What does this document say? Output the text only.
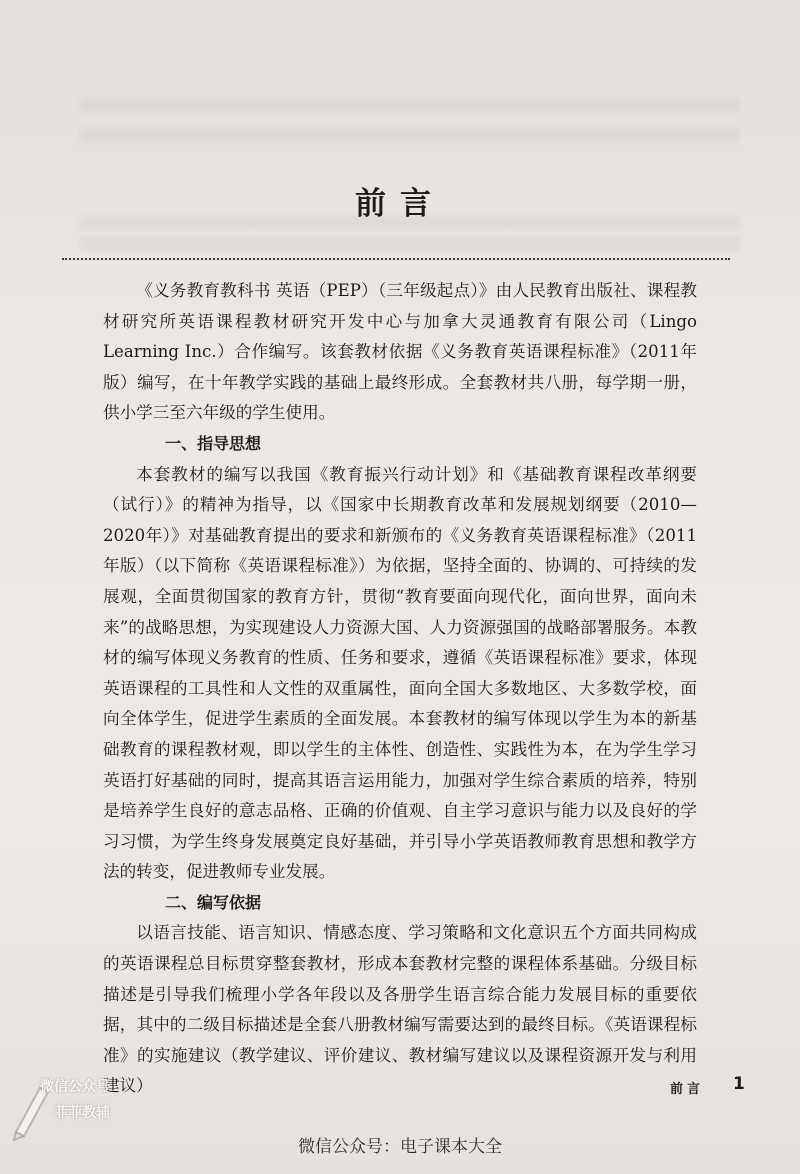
前言

《义务教育教科书 英语（PEP）（三年级起点）》由人民教育出版社、课程教材研究所英语课程教材研究开发中心与加拿大灵通教育有限公司（Lingo Learning Inc.）合作编写。该套教材依据《义务教育英语课程标准》（2011年版）编写，在十年教学实践的基础上最终形成。全套教材共八册，每学期一册，供小学三至六年级的学生使用。

一、指导思想

本套教材的编写以我国《教育振兴行动计划》和《基础教育课程改革纲要（试行）》的精神为指导，以《国家中长期教育改革和发展规划纲要（2010—2020年）》对基础教育提出的要求和新颁布的《义务教育英语课程标准》（2011年版）（以下简称《英语课程标准》）为依据，坚持全面的、协调的、可持续的发展观，全面贯彻国家的教育方针，贯彻“教育要面向现代化，面向世界，面向未来”的战略思想，为实现建设人力资源大国、人力资源强国的战略部署服务。本教材的编写体现义务教育的性质、任务和要求，遵循《英语课程标准》要求，体现英语课程的工具性和人文性的双重属性，面向全国大多数地区、大多数学校，面向全体学生，促进学生素质的全面发展。本套教材的编写体现以学生为本的新基础教育的课程教材观，即以学生的主体性、创造性、实践性为本，在为学生学习英语打好基础的同时，提高其语言运用能力，加强对学生综合素质的培养，特别是培养学生良好的意志品格、正确的价值观、自主学习意识与能力以及良好的学习习惯，为学生终身发展奠定良好基础，并引导小学英语教师教育思想和教学方法的转变，促进教师专业发展。

二、编写依据

以语言技能、语言知识、情感态度、学习策略和文化意识五个方面共同构成的英语课程总目标贯穿整套教材，形成本套教材完整的课程体系基础。分级目标描述是引导我们梳理小学各年段以及各册学生语言综合能力发展目标的重要依据，其中的二级目标描述是全套八册教材编写需要达到的最终目标。《英语课程标准》的实施建议（教学建议、评价建议、教材编写建议以及课程资源开发与利用建议）	前言 1
微信公众号
菲菲教辅
微信公众号：电子课本大全
